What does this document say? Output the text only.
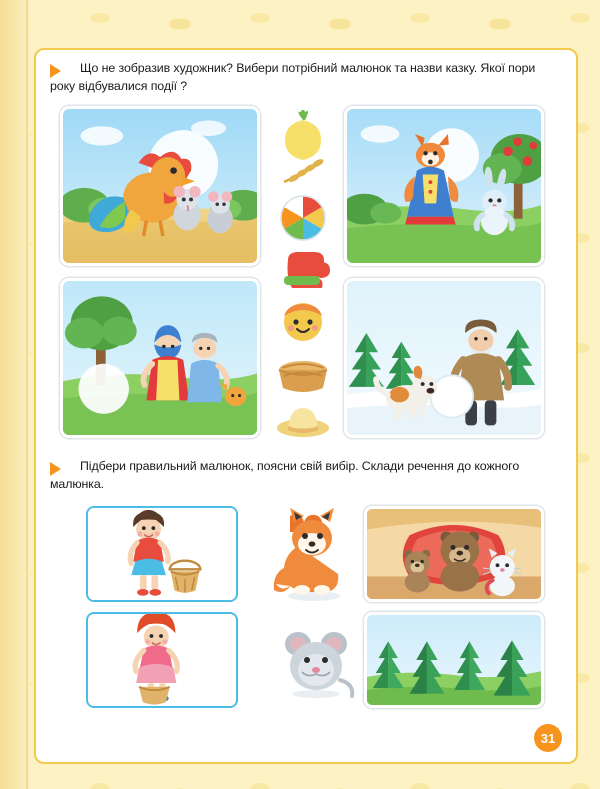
Що не зобразив художник? Вибери потрібний малюнок та назви казку. Якої пори року відбувалися події ?
Підбери правильний малюнок, поясни свій вибір. Склади речення до кожного малюнка.
31
